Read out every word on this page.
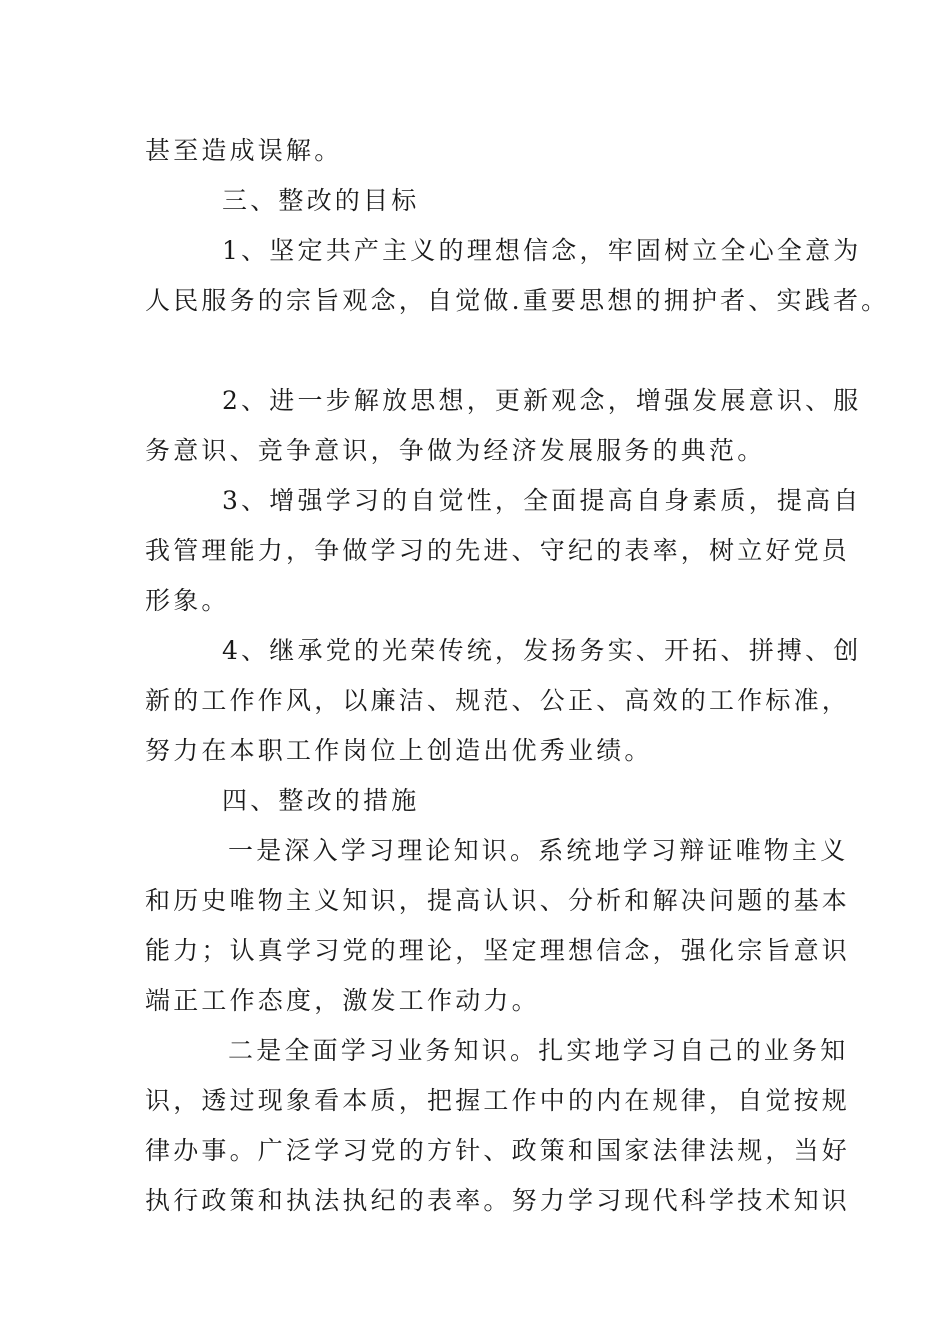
甚至造成误解。
三、整改的目标
1、坚定共产主义的理想信念，牢固树立全心全意为
人民服务的宗旨观念，自觉做.重要思想的拥护者、实践者。
2、进一步解放思想，更新观念，增强发展意识、服
务意识、竞争意识，争做为经济发展服务的典范。
3、增强学习的自觉性，全面提高自身素质，提高自
我管理能力，争做学习的先进、守纪的表率，树立好党员
形象。
4、继承党的光荣传统，发扬务实、开拓、拼搏、创
新的工作作风，以廉洁、规范、公正、高效的工作标准，
努力在本职工作岗位上创造出优秀业绩。
四、整改的措施
一是深入学习理论知识。系统地学习辩证唯物主义
和历史唯物主义知识，提高认识、分析和解决问题的基本
能力；认真学习党的理论，坚定理想信念，强化宗旨意识
端正工作态度，激发工作动力。
二是全面学习业务知识。扎实地学习自己的业务知
识，透过现象看本质，把握工作中的内在规律，自觉按规
律办事。广泛学习党的方针、政策和国家法律法规，当好
执行政策和执法执纪的表率。努力学习现代科学技术知识
